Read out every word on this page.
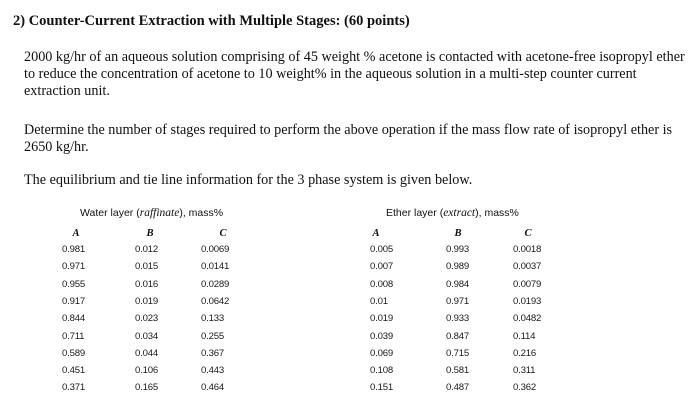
2) Counter-Current Extraction with Multiple Stages: (60 points)
2000 kg/hr of an aqueous solution comprising of 45 weight % acetone is contacted with acetone-free isopropyl ether to reduce the concentration of acetone to 10 weight% in the aqueous solution in a multi-step counter current extraction unit.
Determine the number of stages required to perform the above operation if the mass flow rate of isopropyl ether is 2650 kg/hr.
The equilibrium and tie line information for the 3 phase system is given below.
Water layer (raffinate), mass%	Ether layer (extract), mass%
A	B	C
0.981	0.012	0.0069
0.971	0.015	0.0141
0.955	0.016	0.0289
0.917	0.019	0.0642
0.844	0.023	0.133
0.711	0.034	0.255
0.589	0.044	0.367
0.451	0.106	0.443
0.371	0.165	0.464
A	B	C
0.005	0.993	0.0018
0.007	0.989	0.0037
0.008	0.984	0.0079
0.01	0.971	0.0193
0.019	0.933	0.0482
0.039	0.847	0.114
0.069	0.715	0.216
0.108	0.581	0.311
0.151	0.487	0.362
